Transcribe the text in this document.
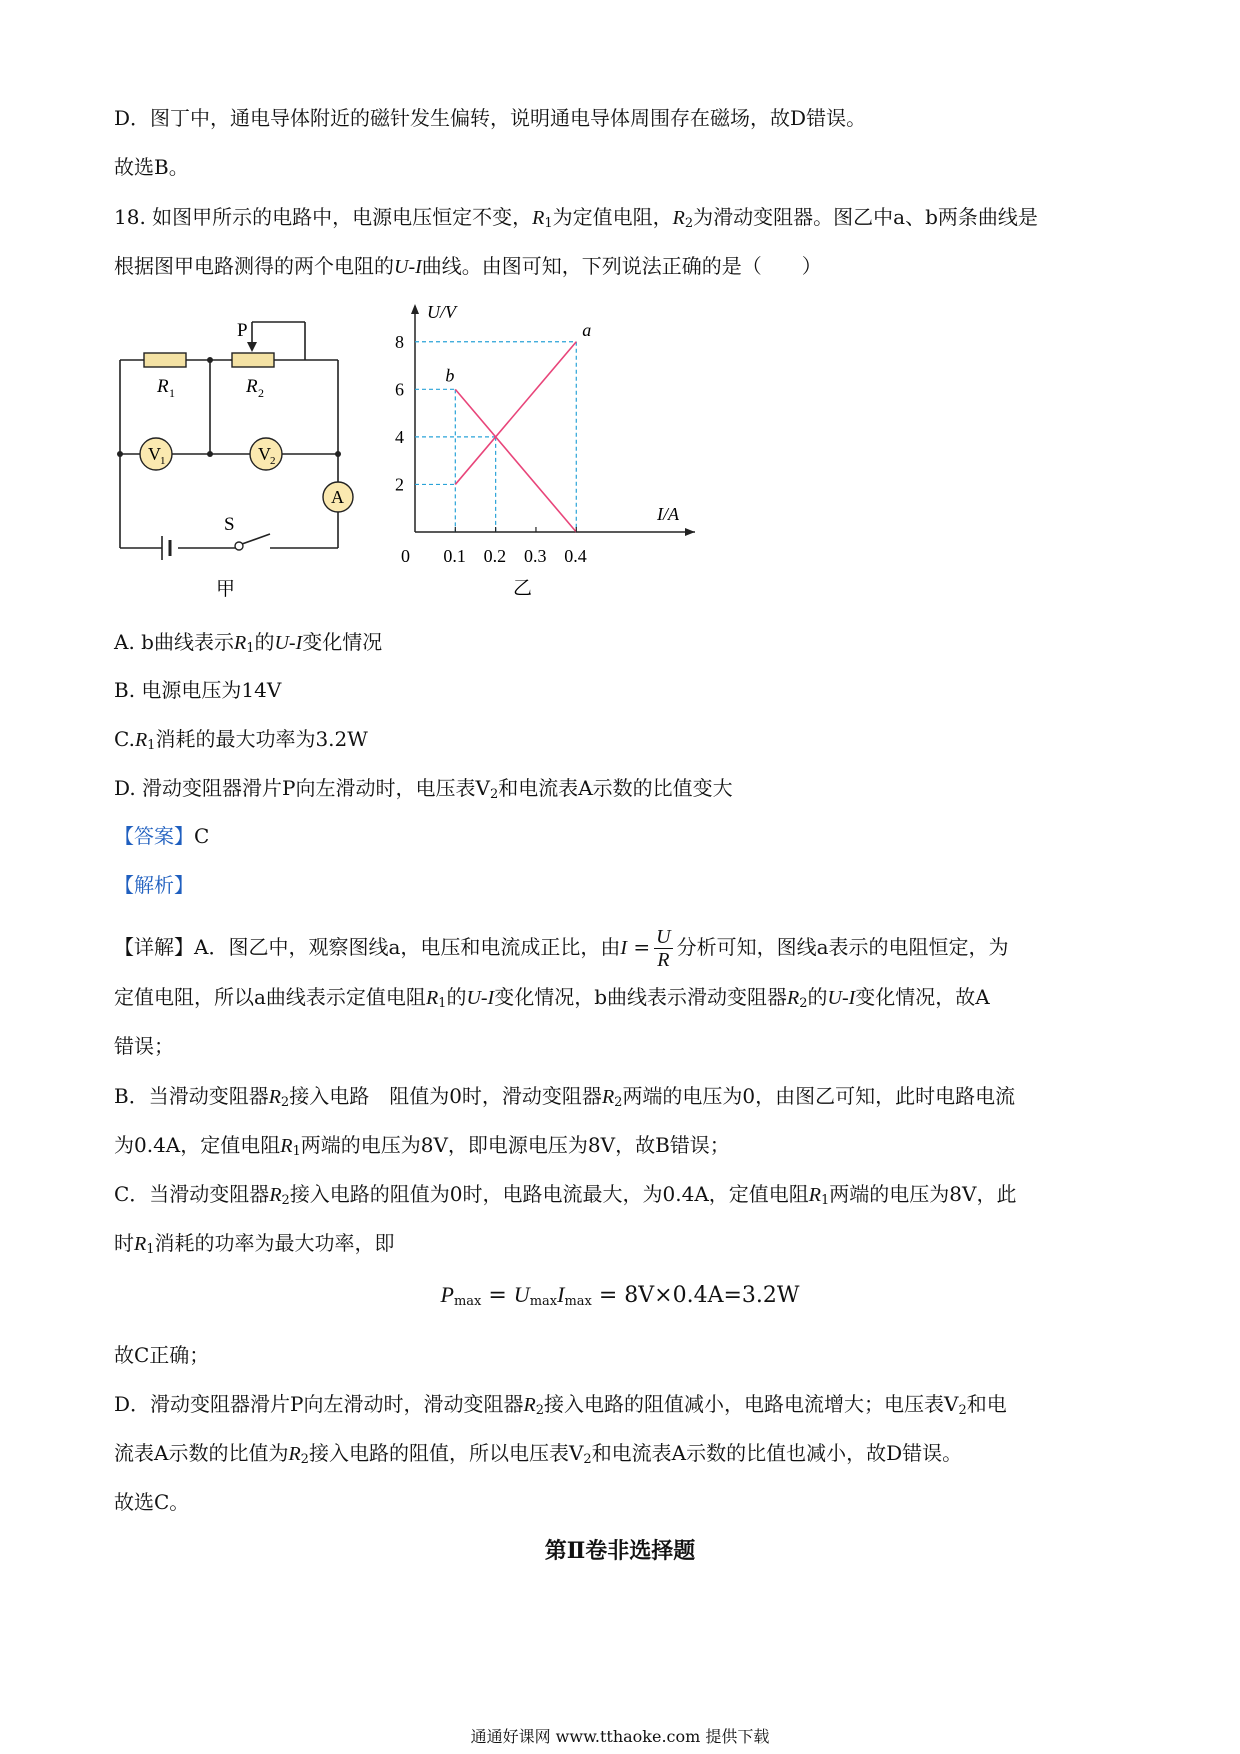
D．图丁中，通电导体附近的磁针发生偏转，说明通电导体周围存在磁场，故D错误。
故选B。
18. 如图甲所示的电路中，电源电压恒定不变，$R_1$为定值电阻，$R_2$为滑动变阻器。图乙中a、b两条曲线是
根据图甲电路测得的两个电阻的U-I曲线。由图可知，下列说法正确的是（　　）
P
R 1	R 2
V 1	V 2
A
S
甲
a
b
0 0.1 0.2 0.3 0.4
2
4
6
8
I/A
U/V
乙
A. b曲线表示$R_1$的U-I变化情况
B. 电源电压为14V
$C.R_1$消耗的最大功率为3.2W
D. 滑动变阻器滑片P向左滑动时，电压表$V_2$和电流表A示数的比值变大
【答案】C
【解析】
【详解】A．图乙中，观察图线a，电压和电流成正比，由$I = \frac{U}{R}$ 分析可知，图线a表示的电阻恒定，为
定值电阻，所以a曲线表示定值电阻$R_1$的U-I变化情况，b曲线表示滑动变阻器$R_2$的U-I变化情况，故A
错误；
B．当滑动变阻器$R_2$接入电路　阻值为0时，滑动变阻器$R_2$两端的电压为0，由图乙可知，此时电路电流
为0.4A，定值电阻$R_1$两端的电压为8V，即电源电压为8V，故B错误；
C．当滑动变阻器$R_2$接入电路的阻值为0时，电路电流最大，为0.4A，定值电阻$R_1$两端的电压为8V，此
时$R_1$消耗的功率为最大功率，即
$P_{max} = U_{max}I_{max} = 8V\times 0.4A=3.2W$
故C正确；
D．滑动变阻器滑片P向左滑动时，滑动变阻器$R_2$接入电路的阻值减小，电路电流增大；电压表$V_2$和电
流表A示数的比值为$R_2$接入电路的阻值，所以电压表$V_2$和电流表A示数的比值也减小，故D错误。
故选C。
第Ⅱ卷非选择题
通通好课网 www.tthaoke.com 提供下载
